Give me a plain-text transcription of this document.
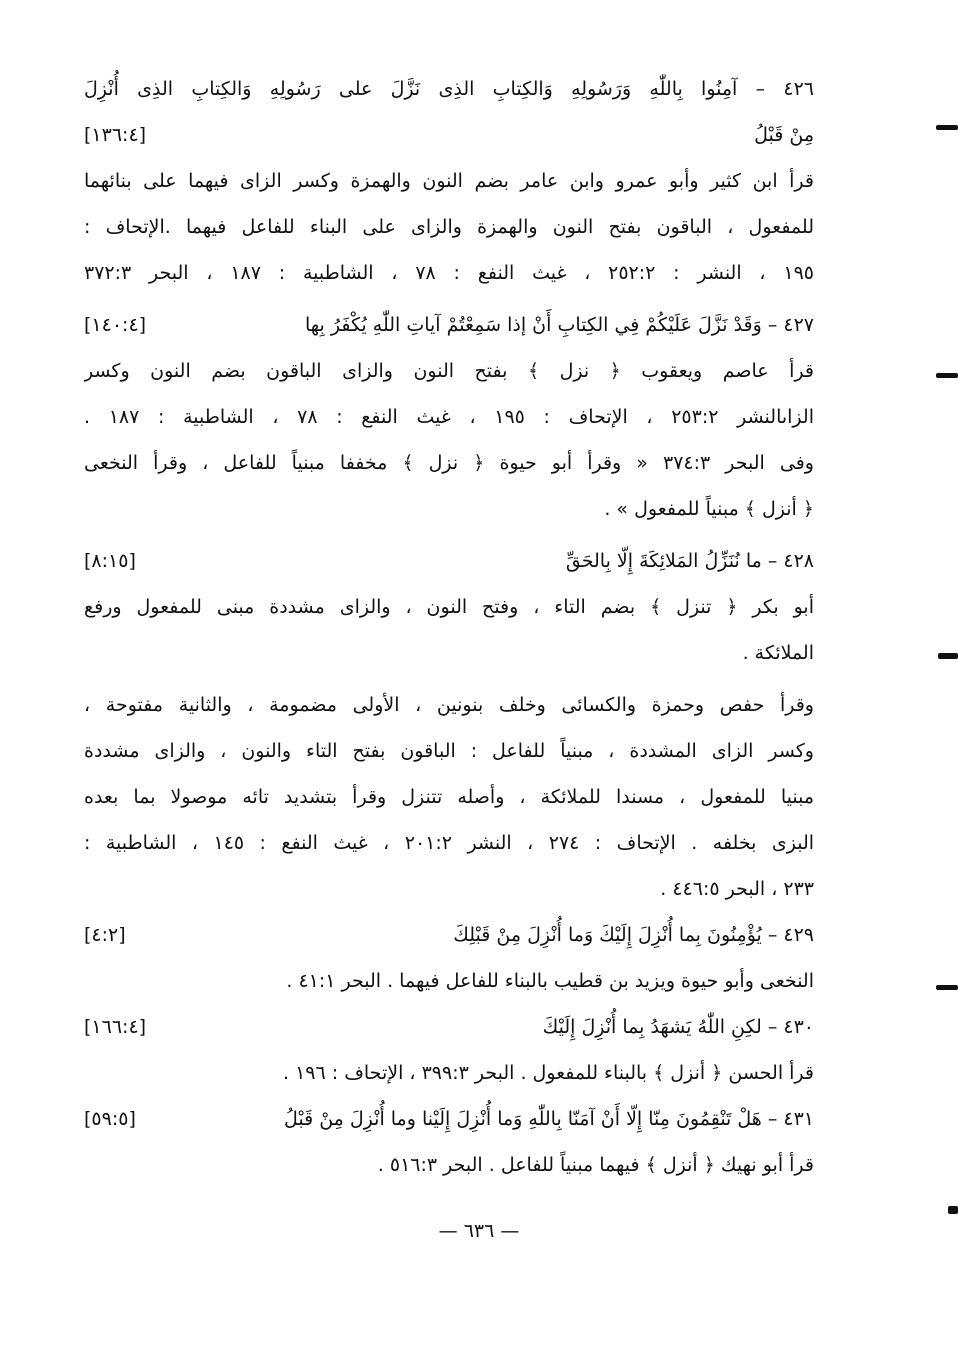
٤٢٦ – آمِنُوا بِاللّٰهِ وَرَسُولِهِ وَالكِتابِ الذِى نَزَّلَ على رَسُولِهِ وَالكِتابِ الذِى أُنْزِلَ
مِنْ قَبْلُ
[١٣٦:٤]
قرأ ابن كثير وأبو عمرو وابن عامر بضم النون والهمزة وكسر الزاى فيهما على بنائهما
للمفعول ، الباقون بفتح النون والهمزة والزاى على البناء للفاعل فيهما .الإتحاف :
١٩٥ ، النشر : ٢٥٢:٢ ، غيث النفع : ٧٨ ، الشاطبية : ١٨٧ ، البحر ٣٧٢:٣
٤٢٧ – وَقَدْ نَزَّلَ عَلَيْكُمْ فِي الكِتابِ أَنْ إذا سَمِعْتُمْ آياتِ اللّٰهِ يُكْفَرُ بِها
[١٤٠:٤]
قرأ عاصم ويعقوب ﴿ نزل ﴾ بفتح النون والزاى الباقون بضم النون وكسر
الزاىالنشر ٢٥٣:٢ ، الإتحاف : ١٩٥ ، غيث النفع : ٧٨ ، الشاطبية : ١٨٧ .
وفى البحر ٣٧٤:٣ « وقرأ أبو حيوة ﴿ نزل ﴾ مخففا مبنياً للفاعل ، وقرأ النخعى
﴿ أنزل ﴾ مبنياً للمفعول » .
٤٢٨ – ما نُنَزِّلُ المَلائِكَةَ إِلّا بِالحَقِّ
[٨:١٥]
أبو بكر ﴿ تنزل ﴾ بضم التاء ، وفتح النون ، والزاى مشددة مبنى للمفعول ورفع
الملائكة .
وقرأ حفص وحمزة والكسائى وخلف بنونين ، الأولى مضمومة ، والثانية مفتوحة ،
وكسر الزاى المشددة ، مبنياً للفاعل : الباقون بفتح التاء والنون ، والزاى مشددة
مبنيا للمفعول ، مسندا للملائكة ، وأصله تتنزل وقرأ بتشديد تائه موصولا بما بعده
البزى بخلفه . الإتحاف : ٢٧٤ ، النشر ٢٠١:٢ ، غيث النفع : ١٤٥ ، الشاطبية :
٢٣٣ ، البحر ٤٤٦:٥ .
٤٢٩ – يُؤْمِنُونَ بِما أُنْزِلَ إِلَيْكَ وَما أُنْزِلَ مِنْ قَبْلِكَ
[٤:٢]
النخعى وأبو حيوة ويزيد بن قطيب بالبناء للفاعل فيهما . البحر ٤١:١ .
٤٣٠ – لكِنِ اللّٰهُ يَشهَدُ بِما أُنْزِلَ إِلَيْكَ
[١٦٦:٤]
قرأ الحسن ﴿ أنزل ﴾ بالبناء للمفعول . البحر ٣٩٩:٣ ، الإتحاف : ١٩٦ .
٤٣١ – هَلْ تَنْقِمُونَ مِنّا إِلّا أَنْ آمَنّا بِاللّٰهِ وَما أُنْزِلَ إِلَيْنا وما أُنْزِلَ مِنْ قَبْلُ
[٥٩:٥]
قرأ أبو نهيك ﴿ أنزل ﴾ فيهما مبنياً للفاعل . البحر ٥١٦:٣ .
— ٦٣٦ —
